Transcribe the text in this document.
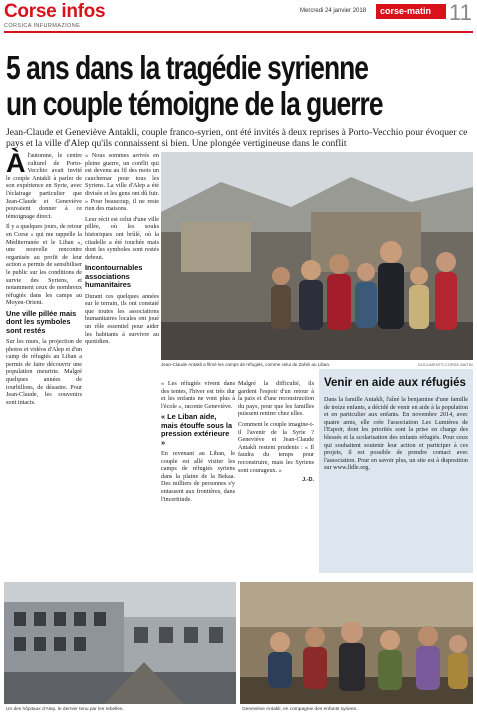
Corse infos
CORSICA INFURMAZIONE
Mercredi 24 janvier 2018	corse-matin 11
5 ans dans la tragédie syrienne
un couple témoigne de la guerre
Jean-Claude et Geneviève Antakli, couple franco-syrien, ont été invités à deux reprises à Porto-Vecchio pour évoquer ce pays et la ville d'Alep qu'ils connaissent si bien. Une plongée vertigineuse dans le conflit

Àl'automne, le centre culturel de Porto-Vecchio avait invité le couple Antakli à parler de son expérience en Syrie, avec l'éclairage particulier que Jean-Claude et Geneviève pouvaient donner à ce témoignage direct.

Il y a quelques jours, de retour en Corse « qui me rappelle la Méditerranée et le Liban », une nouvelle rencontre organisée au profit de leur action a permis de sensibiliser le public sur les conditions de survie des Syriens, et notamment ceux de nombreux réfugiés dans les camps au Moyen-Orient.

Une ville pillée mais dont les symboles sont restés

Sur les murs, la projection de photos et vidéos d'Alep et d'un camp de réfugiés au Liban a permis de faire découvrir une population meurtrie. Malgré quelques années de tourbillons, de désastre. Pour Jean-Claude, les souvenirs sont intacts.

« Nous sommes arrivés en pleine guerre, un conflit qui est devenu au fil des mois un cauchemar pour tous les Syriens. La ville d'Alep a été divisée et les gens ont dû fuir. » Pour beaucoup, il ne reste rien des maisons.

Leur récit est celui d'une ville pillée, où les souks historiques ont brûlé, où la citadelle a été touchée mais dont les symboles sont restés debout.

Incontournables associations humanitaires

Durant ces quelques années sur le terrain, ils ont constaté que toutes les associations humanitaires locales ont joué un rôle essentiel pour aider les habitants à survivre au quotidien.

Jean-Claude Antakli a filmé les camps de réfugiés, comme celui de Zahlé au Liban.	DOCUMENTS CORSE-MATIN

« Les réfugiés vivent dans des tentes, l'hiver est très dur et les enfants ne vont plus à l'école », raconte Geneviève.

« Le Liban aide, mais étouffe sous la pression extérieure »

En revenant au Liban, le couple est allé visiter les camps de réfugiés syriens dans la plaine de la Bekaa. Des milliers de personnes s'y entassent aux frontières, dans l'incertitude.

Malgré la difficulté, ils gardent l'espoir d'un retour à la paix et d'une reconstruction du pays, pour que les familles puissent rentrer chez elles.

Comment le couple imagine-t-il l'avenir de la Syrie ? Geneviève et Jean-Claude Antakli restent prudents : « Il faudra du temps pour reconstruire, mais les Syriens sont courageux. »

J.-D.
Venir en aide aux réfugiés
Dans la famille Antakli, l'aîné la benjamine d'une famille de treize enfants, a décidé de venir en aide à la population et en particulier aux enfants. En novembre 2014, avec quatre amis, elle crée l'association Les Lumières de l'Espoir, dont les priorités sont la prise en charge des blessés et la scolarisation des enfants réfugiés. Pour ceux qui souhaitent soutenir leur action et participer à ces projets, il est possible de prendre contact avec l'association. Pour en savoir plus, un site est à disposition sur www.lldle.org.
Un des hôpitaux d'Alep, le dernier tenu par les rebelles.	Geneviève Antakli, en compagnie des enfants syriens.
